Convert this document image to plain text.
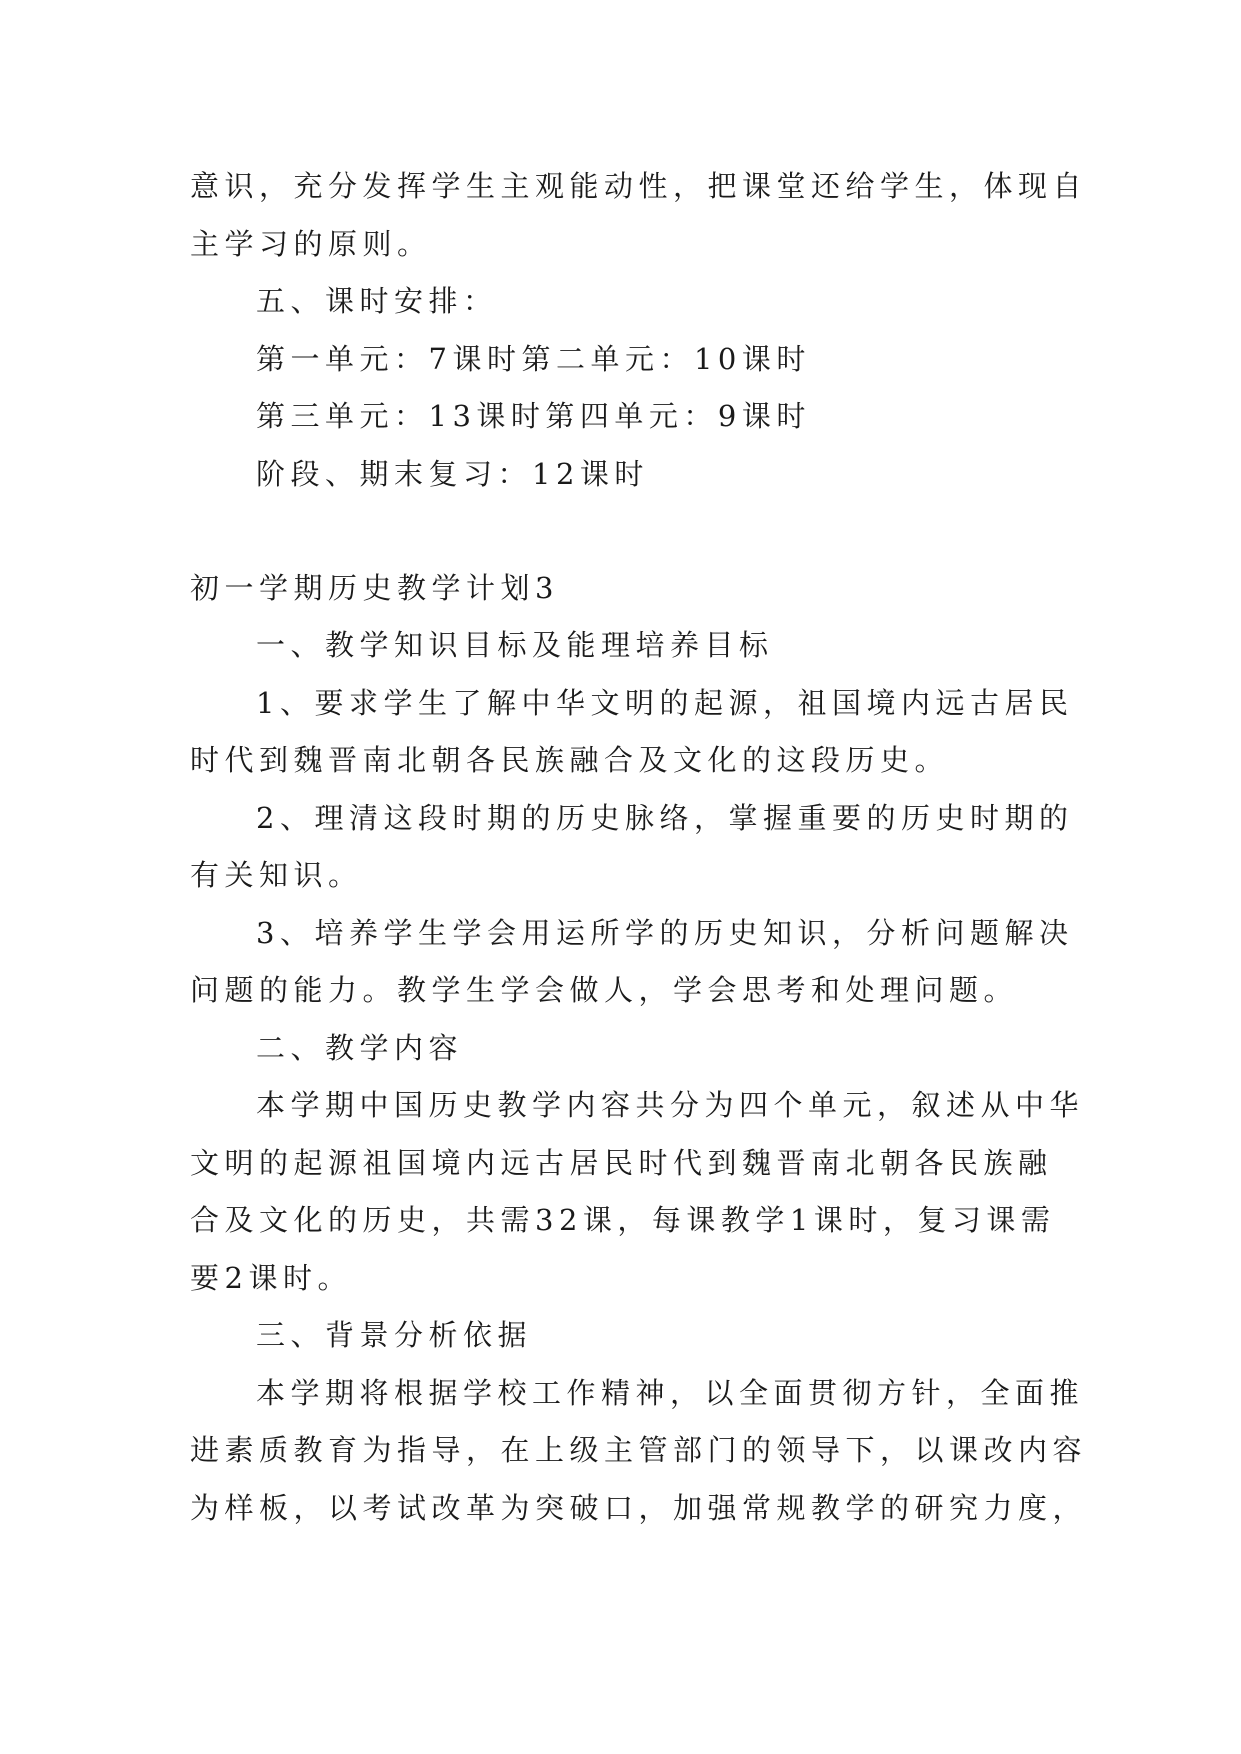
意识，充分发挥学生主观能动性，把课堂还给学生，体现自
主学习的原则。
五、课时安排：
第一单元：7课时第二单元：10课时
第三单元：13课时第四单元：9课时
阶段、期末复习：12课时
初一学期历史教学计划3
一、教学知识目标及能理培养目标
1、要求学生了解中华文明的起源，祖国境内远古居民
时代到魏晋南北朝各民族融合及文化的这段历史。
2、理清这段时期的历史脉络，掌握重要的历史时期的
有关知识。
3、培养学生学会用运所学的历史知识，分析问题解决
问题的能力。教学生学会做人，学会思考和处理问题。
二、教学内容
本学期中国历史教学内容共分为四个单元，叙述从中华
文明的起源祖国境内远古居民时代到魏晋南北朝各民族融
合及文化的历史，共需32课，每课教学1课时，复习课需
要2课时。
三、背景分析依据
本学期将根据学校工作精神，以全面贯彻方针，全面推
进素质教育为指导，在上级主管部门的领导下，以课改内容
为样板，以考试改革为突破口，加强常规教学的研究力度，
